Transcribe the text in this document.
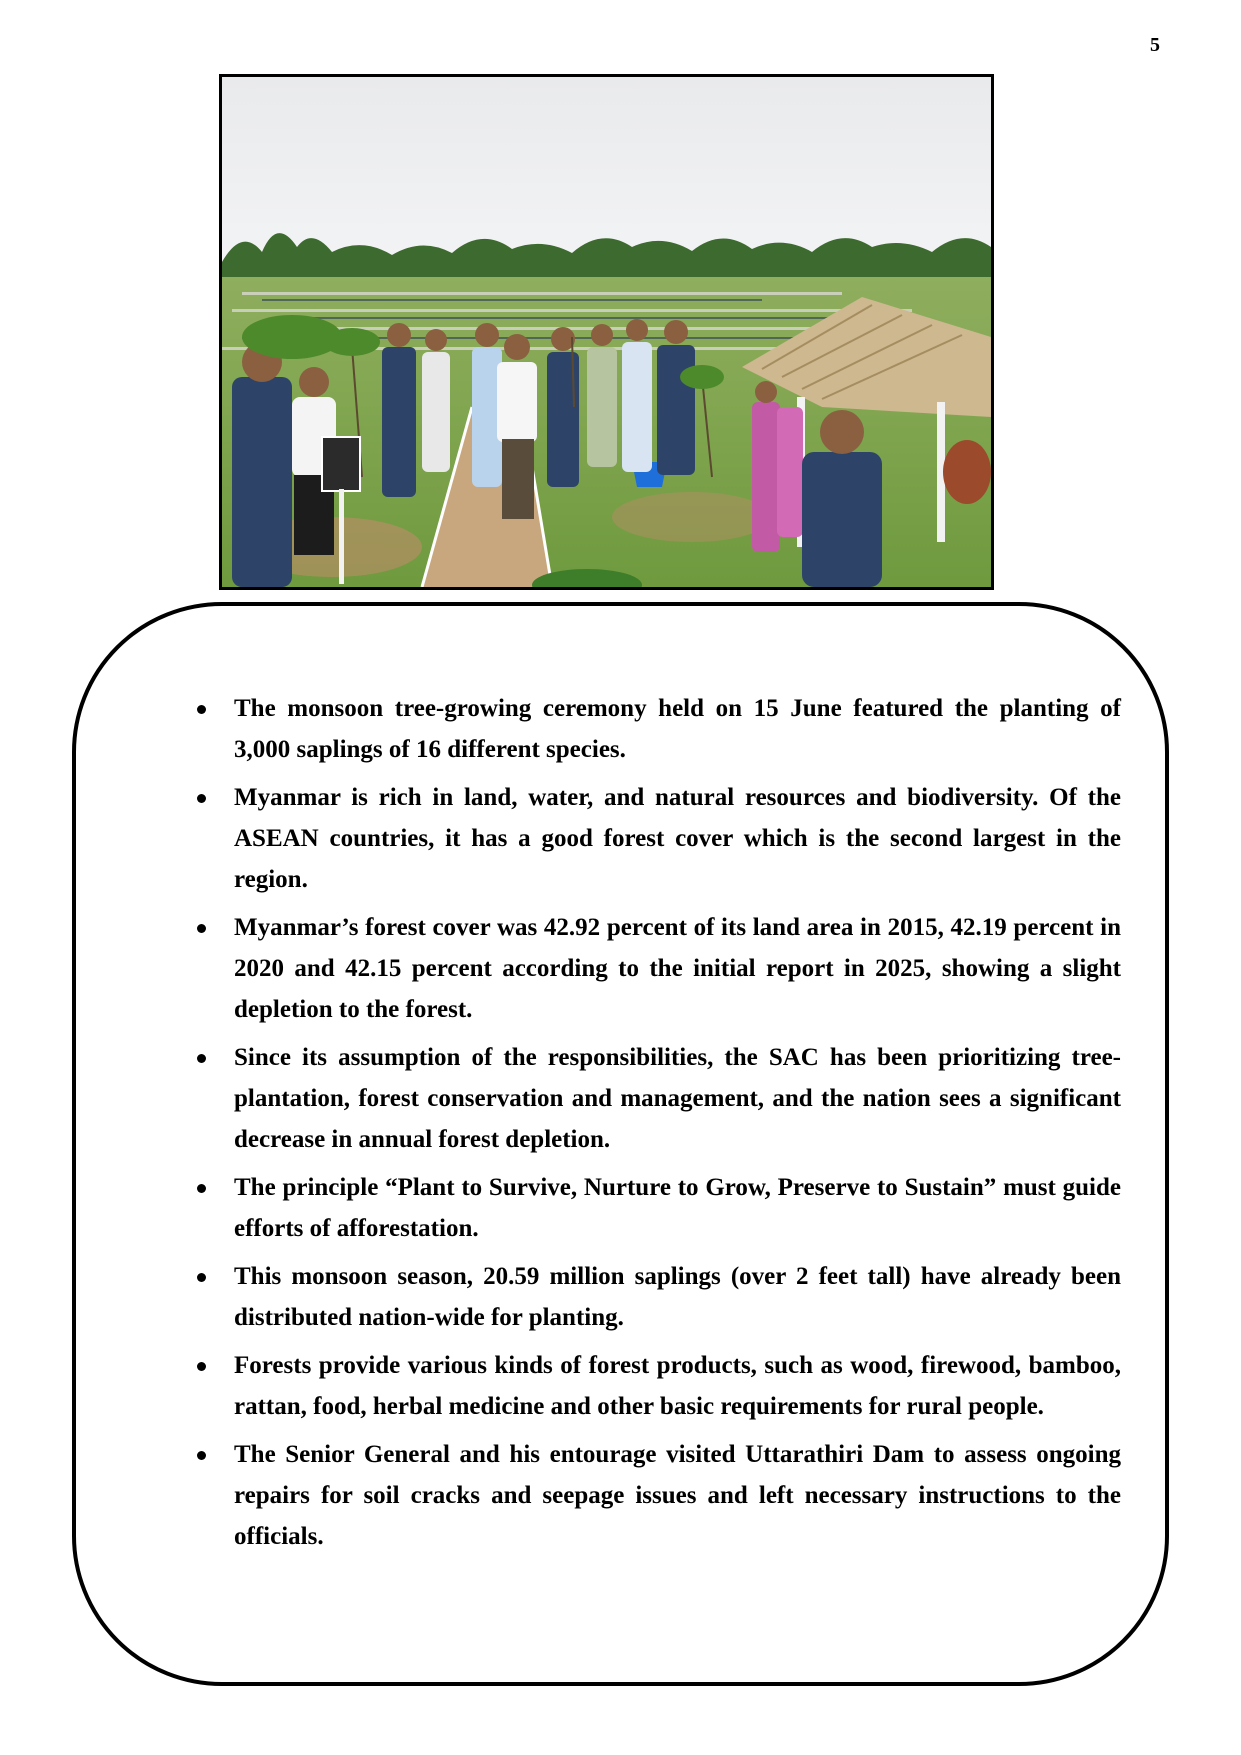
5
The monsoon tree-growing ceremony held on 15 June featured the planting of 3,000 saplings of 16 different species.
Myanmar is rich in land, water, and natural resources and biodiversity. Of the ASEAN countries, it has a good forest cover which is the second largest in the region.
Myanmar’s forest cover was 42.92 percent of its land area in 2015, 42.19 percent in 2020 and 42.15 percent according to the initial report in 2025, showing a slight depletion to the forest.
Since its assumption of the responsibilities, the SAC has been prioritizing tree-plantation, forest conservation and management, and the nation sees a significant decrease in annual forest depletion.
The principle “Plant to Survive, Nurture to Grow, Preserve to Sustain” must guide efforts of afforestation.
This monsoon season, 20.59 million saplings (over 2 feet tall) have already been distributed nation-wide for planting.
Forests provide various kinds of forest products, such as wood, firewood, bamboo, rattan, food, herbal medicine and other basic requirements for rural people.
The Senior General and his entourage visited Uttarathiri Dam to assess ongoing repairs for soil cracks and seepage issues and left necessary instructions to the officials.
